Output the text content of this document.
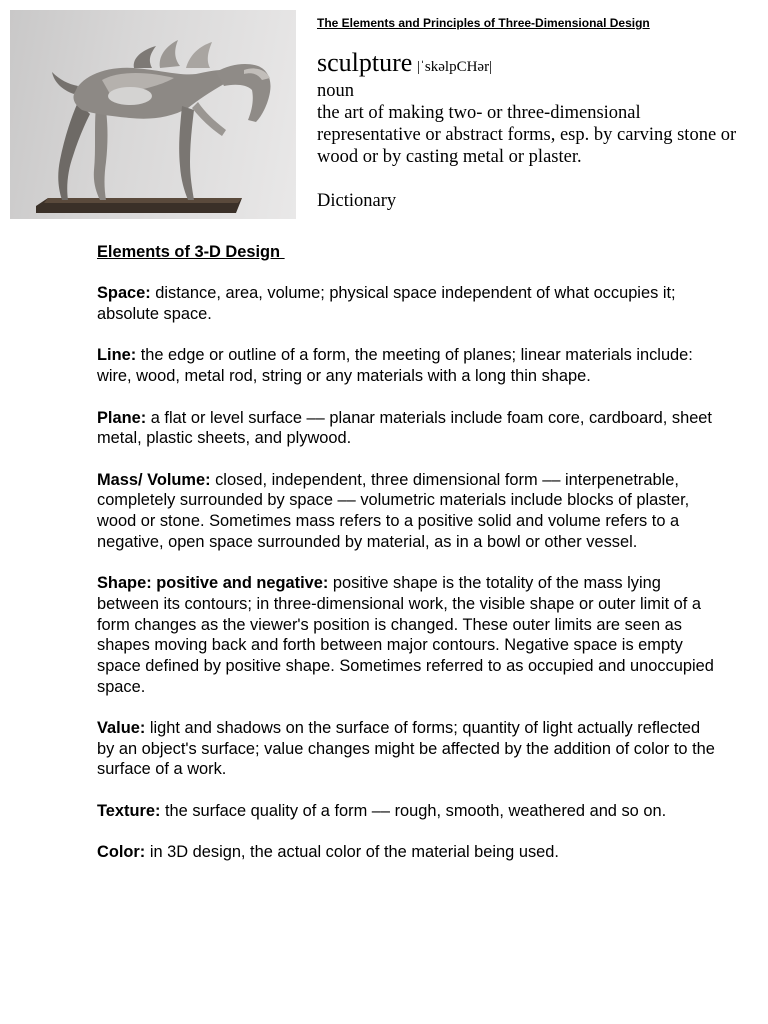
The Elements and Principles of Three-Dimensional Design
sculpture |ˈskəlpCHər|
noun
the art of making two- or three-dimensional representative or abstract forms, esp. by carving stone or wood or by casting metal or plaster.
Dictionary

Elements of 3-D Design

Space: distance, area, volume; physical space independent of what occupies it; absolute space.

Line: the edge or outline of a form, the meeting of planes; linear materials include: wire, wood, metal rod, string or any materials with a long thin shape.

Plane: a flat or level surface –– planar materials include foam core, cardboard, sheet metal, plastic sheets, and plywood.

Mass/ Volume: closed, independent, three dimensional form –– interpenetrable, completely surrounded by space –– volumetric materials include blocks of plaster, wood or stone. Sometimes mass refers to a positive solid and volume refers to a negative, open space surrounded by material, as in a bowl or other vessel.

Shape: positive and negative: positive shape is the totality of the mass lying between its contours; in three-dimensional work, the visible shape or outer limit of a form changes as the viewer's position is changed. These outer limits are seen as shapes moving back and forth between major contours. Negative space is empty space defined by positive shape. Sometimes referred to as occupied and unoccupied space.

Value: light and shadows on the surface of forms; quantity of light actually reflected by an object's surface; value changes might be affected by the addition of color to the surface of a work.

Texture: the surface quality of a form –– rough, smooth, weathered and so on.

Color: in 3D design, the actual color of the material being used.
